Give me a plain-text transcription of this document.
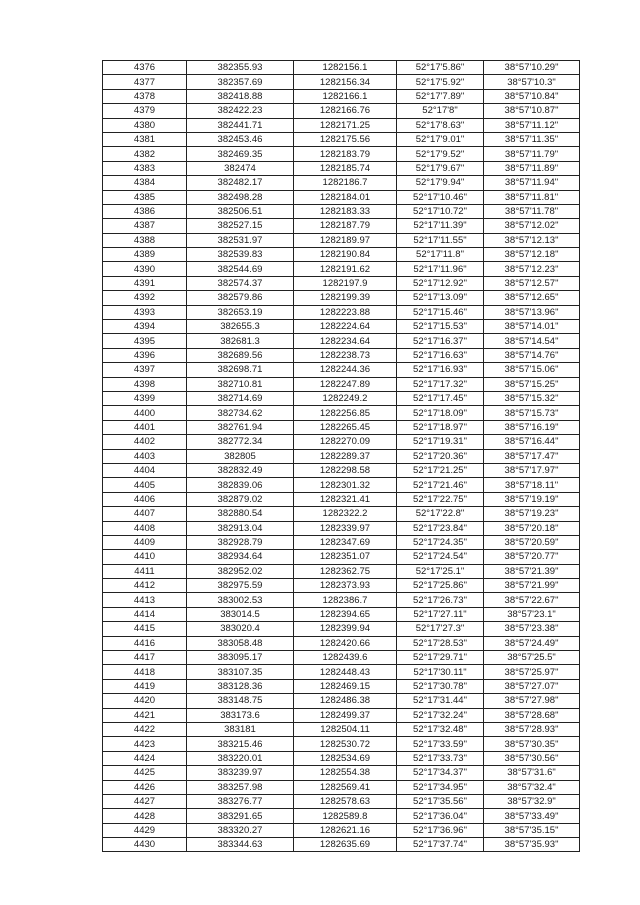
4376	382355.93	1282156.1	52°17'5.86"	38°57'10.29"
4377	382357.69	1282156.34	52°17'5.92"	38°57'10.3"
4378	382418.88	1282166.1	52°17'7.89"	38°57'10.84"
4379	382422.23	1282166.76	52°17'8"	38°57'10.87"
4380	382441.71	1282171.25	52°17'8.63"	38°57'11.12"
4381	382453.46	1282175.56	52°17'9.01"	38°57'11.35"
4382	382469.35	1282183.79	52°17'9.52"	38°57'11.79"
4383	382474	1282185.74	52°17'9.67"	38°57'11.89"
4384	382482.17	1282186.7	52°17'9.94"	38°57'11.94"
4385	382498.28	1282184.01	52°17'10.46"	38°57'11.81"
4386	382506.51	1282183.33	52°17'10.72"	38°57'11.78"
4387	382527.15	1282187.79	52°17'11.39"	38°57'12.02"
4388	382531.97	1282189.97	52°17'11.55"	38°57'12.13"
4389	382539.83	1282190.84	52°17'11.8"	38°57'12.18"
4390	382544.69	1282191.62	52°17'11.96"	38°57'12.23"
4391	382574.37	1282197.9	52°17'12.92"	38°57'12.57"
4392	382579.86	1282199.39	52°17'13.09"	38°57'12.65"
4393	382653.19	1282223.88	52°17'15.46"	38°57'13.96"
4394	382655.3	1282224.64	52°17'15.53"	38°57'14.01"
4395	382681.3	1282234.64	52°17'16.37"	38°57'14.54"
4396	382689.56	1282238.73	52°17'16.63"	38°57'14.76"
4397	382698.71	1282244.36	52°17'16.93"	38°57'15.06"
4398	382710.81	1282247.89	52°17'17.32"	38°57'15.25"
4399	382714.69	1282249.2	52°17'17.45"	38°57'15.32"
4400	382734.62	1282256.85	52°17'18.09"	38°57'15.73"
4401	382761.94	1282265.45	52°17'18.97"	38°57'16.19"
4402	382772.34	1282270.09	52°17'19.31"	38°57'16.44"
4403	382805	1282289.37	52°17'20.36"	38°57'17.47"
4404	382832.49	1282298.58	52°17'21.25"	38°57'17.97"
4405	382839.06	1282301.32	52°17'21.46"	38°57'18.11"
4406	382879.02	1282321.41	52°17'22.75"	38°57'19.19"
4407	382880.54	1282322.2	52°17'22.8"	38°57'19.23"
4408	382913.04	1282339.97	52°17'23.84"	38°57'20.18"
4409	382928.79	1282347.69	52°17'24.35"	38°57'20.59"
4410	382934.64	1282351.07	52°17'24.54"	38°57'20.77"
4411	382952.02	1282362.75	52°17'25.1"	38°57'21.39"
4412	382975.59	1282373.93	52°17'25.86"	38°57'21.99"
4413	383002.53	1282386.7	52°17'26.73"	38°57'22.67"
4414	383014.5	1282394.65	52°17'27.11"	38°57'23.1"
4415	383020.4	1282399.94	52°17'27.3"	38°57'23.38"
4416	383058.48	1282420.66	52°17'28.53"	38°57'24.49"
4417	383095.17	1282439.6	52°17'29.71"	38°57'25.5"
4418	383107.35	1282448.43	52°17'30.11"	38°57'25.97"
4419	383128.36	1282469.15	52°17'30.78"	38°57'27.07"
4420	383148.75	1282486.38	52°17'31.44"	38°57'27.98"
4421	383173.6	1282499.37	52°17'32.24"	38°57'28.68"
4422	383181	1282504.11	52°17'32.48"	38°57'28.93"
4423	383215.46	1282530.72	52°17'33.59"	38°57'30.35"
4424	383220.01	1282534.69	52°17'33.73"	38°57'30.56"
4425	383239.97	1282554.38	52°17'34.37"	38°57'31.6"
4426	383257.98	1282569.41	52°17'34.95"	38°57'32.4"
4427	383276.77	1282578.63	52°17'35.56"	38°57'32.9"
4428	383291.65	1282589.8	52°17'36.04"	38°57'33.49"
4429	383320.27	1282621.16	52°17'36.96"	38°57'35.15"
4430	383344.63	1282635.69	52°17'37.74"	38°57'35.93"
